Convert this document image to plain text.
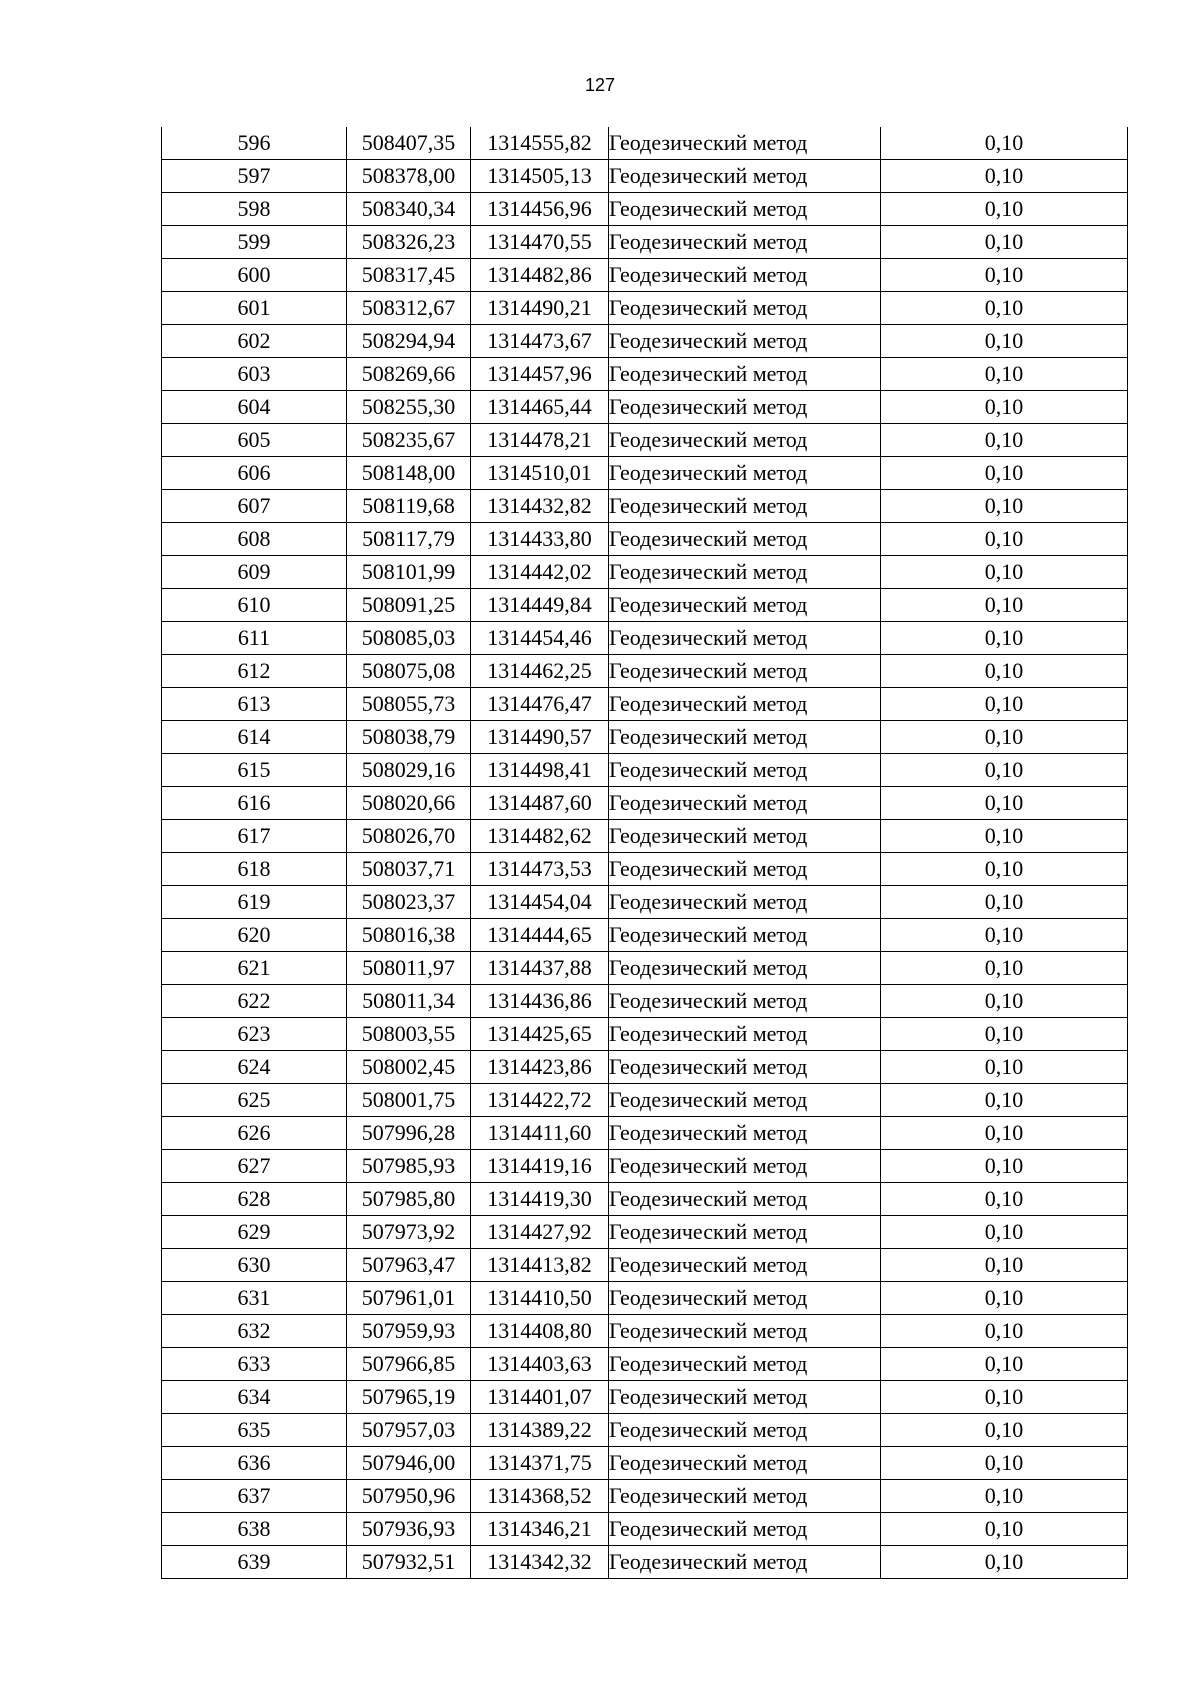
127
596	508407,35	1314555,82	Геодезический метод	0,10
597	508378,00	1314505,13	Геодезический метод	0,10
598	508340,34	1314456,96	Геодезический метод	0,10
599	508326,23	1314470,55	Геодезический метод	0,10
600	508317,45	1314482,86	Геодезический метод	0,10
601	508312,67	1314490,21	Геодезический метод	0,10
602	508294,94	1314473,67	Геодезический метод	0,10
603	508269,66	1314457,96	Геодезический метод	0,10
604	508255,30	1314465,44	Геодезический метод	0,10
605	508235,67	1314478,21	Геодезический метод	0,10
606	508148,00	1314510,01	Геодезический метод	0,10
607	508119,68	1314432,82	Геодезический метод	0,10
608	508117,79	1314433,80	Геодезический метод	0,10
609	508101,99	1314442,02	Геодезический метод	0,10
610	508091,25	1314449,84	Геодезический метод	0,10
611	508085,03	1314454,46	Геодезический метод	0,10
612	508075,08	1314462,25	Геодезический метод	0,10
613	508055,73	1314476,47	Геодезический метод	0,10
614	508038,79	1314490,57	Геодезический метод	0,10
615	508029,16	1314498,41	Геодезический метод	0,10
616	508020,66	1314487,60	Геодезический метод	0,10
617	508026,70	1314482,62	Геодезический метод	0,10
618	508037,71	1314473,53	Геодезический метод	0,10
619	508023,37	1314454,04	Геодезический метод	0,10
620	508016,38	1314444,65	Геодезический метод	0,10
621	508011,97	1314437,88	Геодезический метод	0,10
622	508011,34	1314436,86	Геодезический метод	0,10
623	508003,55	1314425,65	Геодезический метод	0,10
624	508002,45	1314423,86	Геодезический метод	0,10
625	508001,75	1314422,72	Геодезический метод	0,10
626	507996,28	1314411,60	Геодезический метод	0,10
627	507985,93	1314419,16	Геодезический метод	0,10
628	507985,80	1314419,30	Геодезический метод	0,10
629	507973,92	1314427,92	Геодезический метод	0,10
630	507963,47	1314413,82	Геодезический метод	0,10
631	507961,01	1314410,50	Геодезический метод	0,10
632	507959,93	1314408,80	Геодезический метод	0,10
633	507966,85	1314403,63	Геодезический метод	0,10
634	507965,19	1314401,07	Геодезический метод	0,10
635	507957,03	1314389,22	Геодезический метод	0,10
636	507946,00	1314371,75	Геодезический метод	0,10
637	507950,96	1314368,52	Геодезический метод	0,10
638	507936,93	1314346,21	Геодезический метод	0,10
639	507932,51	1314342,32	Геодезический метод	0,10
